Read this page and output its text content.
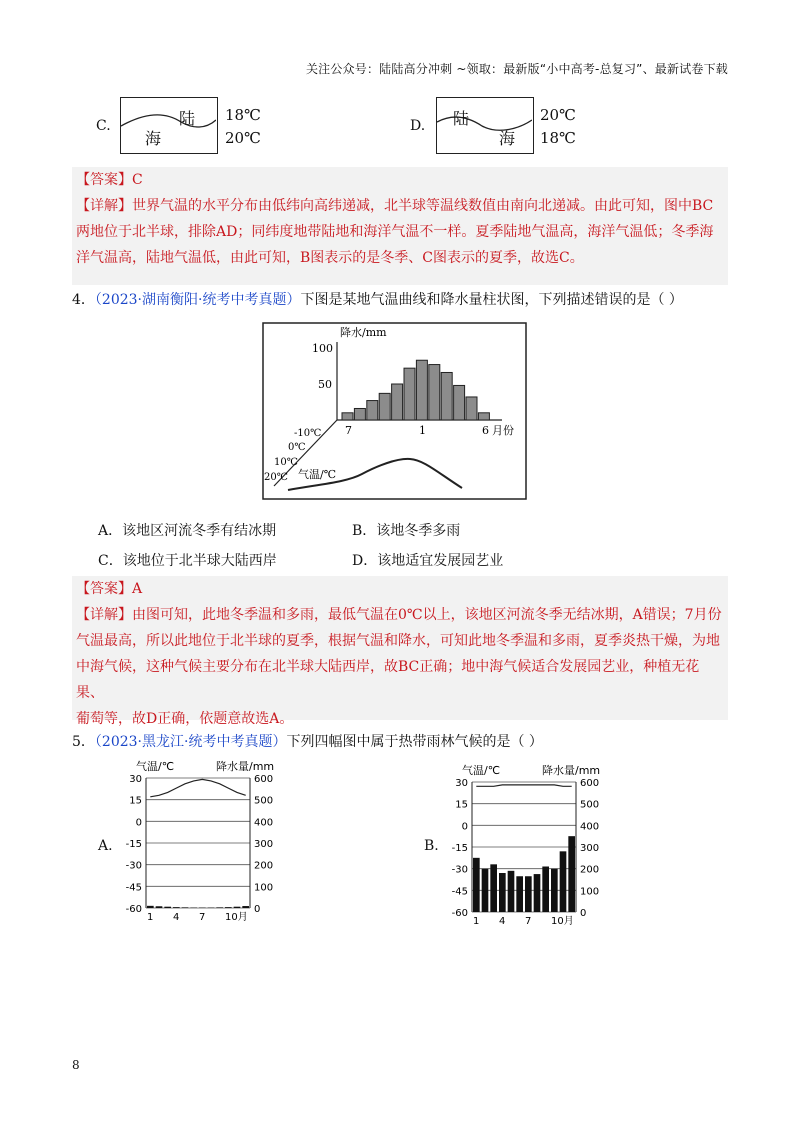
关注公众号：陆陆高分冲刺 ~领取：最新版“小中高考-总复习”、最新试卷下载
C.	陆
海
18℃
20℃
D. 陆
海
20℃
18℃
【答案】C
【详解】世界气温的水平分布由低纬向高纬递减，北半球等温线数值由南向北递减。由此可知，图中BC
两地位于北半球，排除AD；同纬度地带陆地和海洋气温不一样。夏季陆地气温高，海洋气温低；冬季海
洋气温高，陆地气温低，由此可知，B图表示的是冬季、C图表示的夏季，故选C。
4．（2023·湖南衡阳·统考中考真题）下图是某地气温曲线和降水量柱状图，下列描述错误的是（ ）
降水/mm
100
50
7	1	6 月份
-10℃
0℃
10℃
20℃ 气温/℃
A．该地区河流冬季有结冰期	B．该地冬季多雨
C．该地位于北半球大陆西岸	D．该地适宜发展园艺业
【答案】A
【详解】由图可知，此地冬季温和多雨，最低气温在0℃以上，该地区河流冬季无结冰期，A错误；7月份
气温最高，所以此地位于北半球的夏季，根据气温和降水，可知此地冬季温和多雨，夏季炎热干燥，为地
中海气候，这种气候主要分布在北半球大陆西岸，故BC正确；地中海气候适合发展园艺业，种植无花果、
葡萄等，故D正确，依题意故选A。
5．（2023·黑龙江·统考中考真题）下列四幅图中属于热带雨林气候的是（ ）
A.
气温/℃	降水量/mm
30
15
0
-15
-30
-45
-60
600
500
400
300
200
100
0
1 4 7 10月
B.
气温/℃	降水量/mm
30
15
0
-15
-30
-45
-60
600
500
400
300
200
100
0
1 4 7 10月
8
